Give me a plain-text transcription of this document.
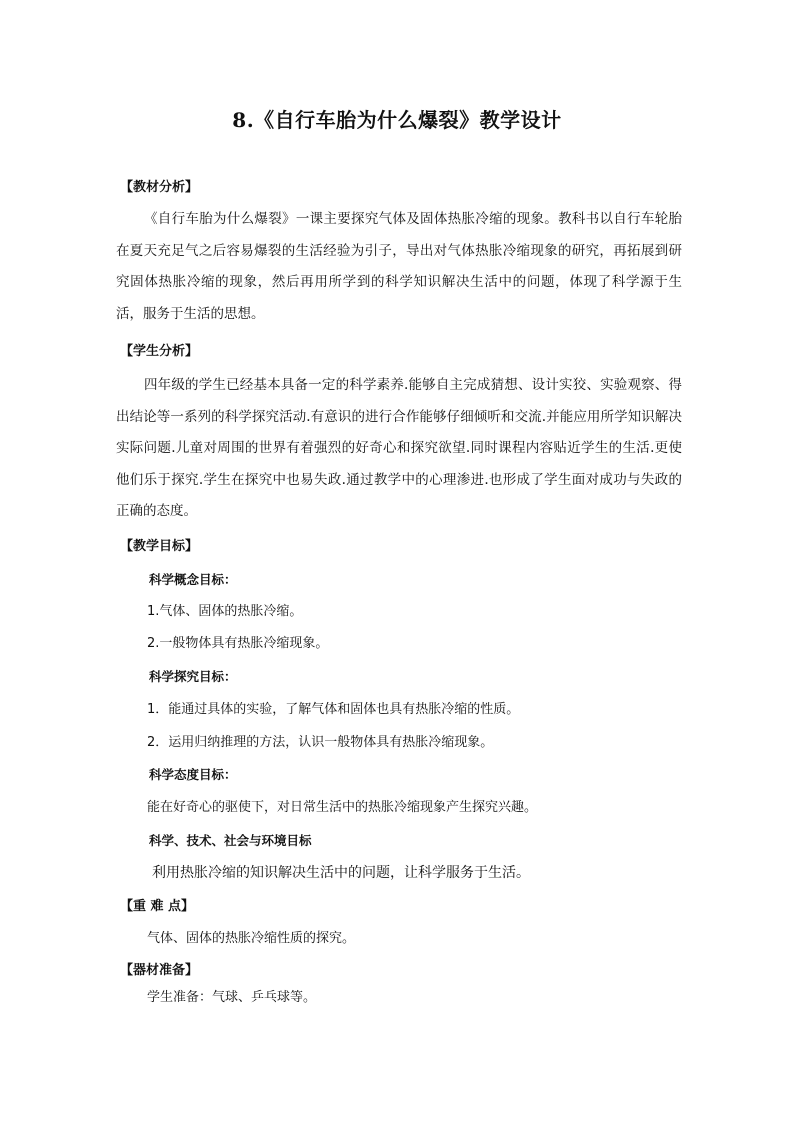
8.《自行车胎为什么爆裂》教学设计
【教材分析】

《自行车胎为什么爆裂》一课主要探究气体及固体热胀冷缩的现象。教科书以自行车轮胎在夏天充足气之后容易爆裂的生活经验为引子，导出对气体热胀冷缩现象的研究，再拓展到研究固体热胀冷缩的现象，然后再用所学到的科学知识解决生活中的问题，体现了科学源于生活，服务于生活的思想。

【学生分析】

四年级的学生已经基本具备一定的科学素养.能够自主完成猜想、设计实狡、实验观察、得出结论等一系列的科学探究活动.有意识的进行合作能够仔细倾听和交流.并能应用所学知识解决实际问题.儿童对周围的世界有着强烈的好奇心和探究欲望.同时课程内容贴近学生的生活.更使他们乐于探究.学生在探究中也易失政.通过教学中的心理渗进.也形成了学生面对成功与失政的正确的态度。

【教学目标】
科学概念目标：
1.气体、固体的热胀冷缩。
2.一般物体具有热胀冷缩现象。
科学探究目标：
1．能通过具体的实验，了解气体和固体也具有热胀冷缩的性质。
2．运用归纳推理的方法，认识一般物体具有热胀冷缩现象。
科学态度目标：
能在好奇心的驱使下，对日常生活中的热胀冷缩现象产生探究兴趣。
科学、技术、社会与环境目标
利用热胀冷缩的知识解决生活中的问题，让科学服务于生活。
【重 难 点】
气体、固体的热胀冷缩性质的探究。
【器材准备】
学生准备：气球、乒乓球等。
